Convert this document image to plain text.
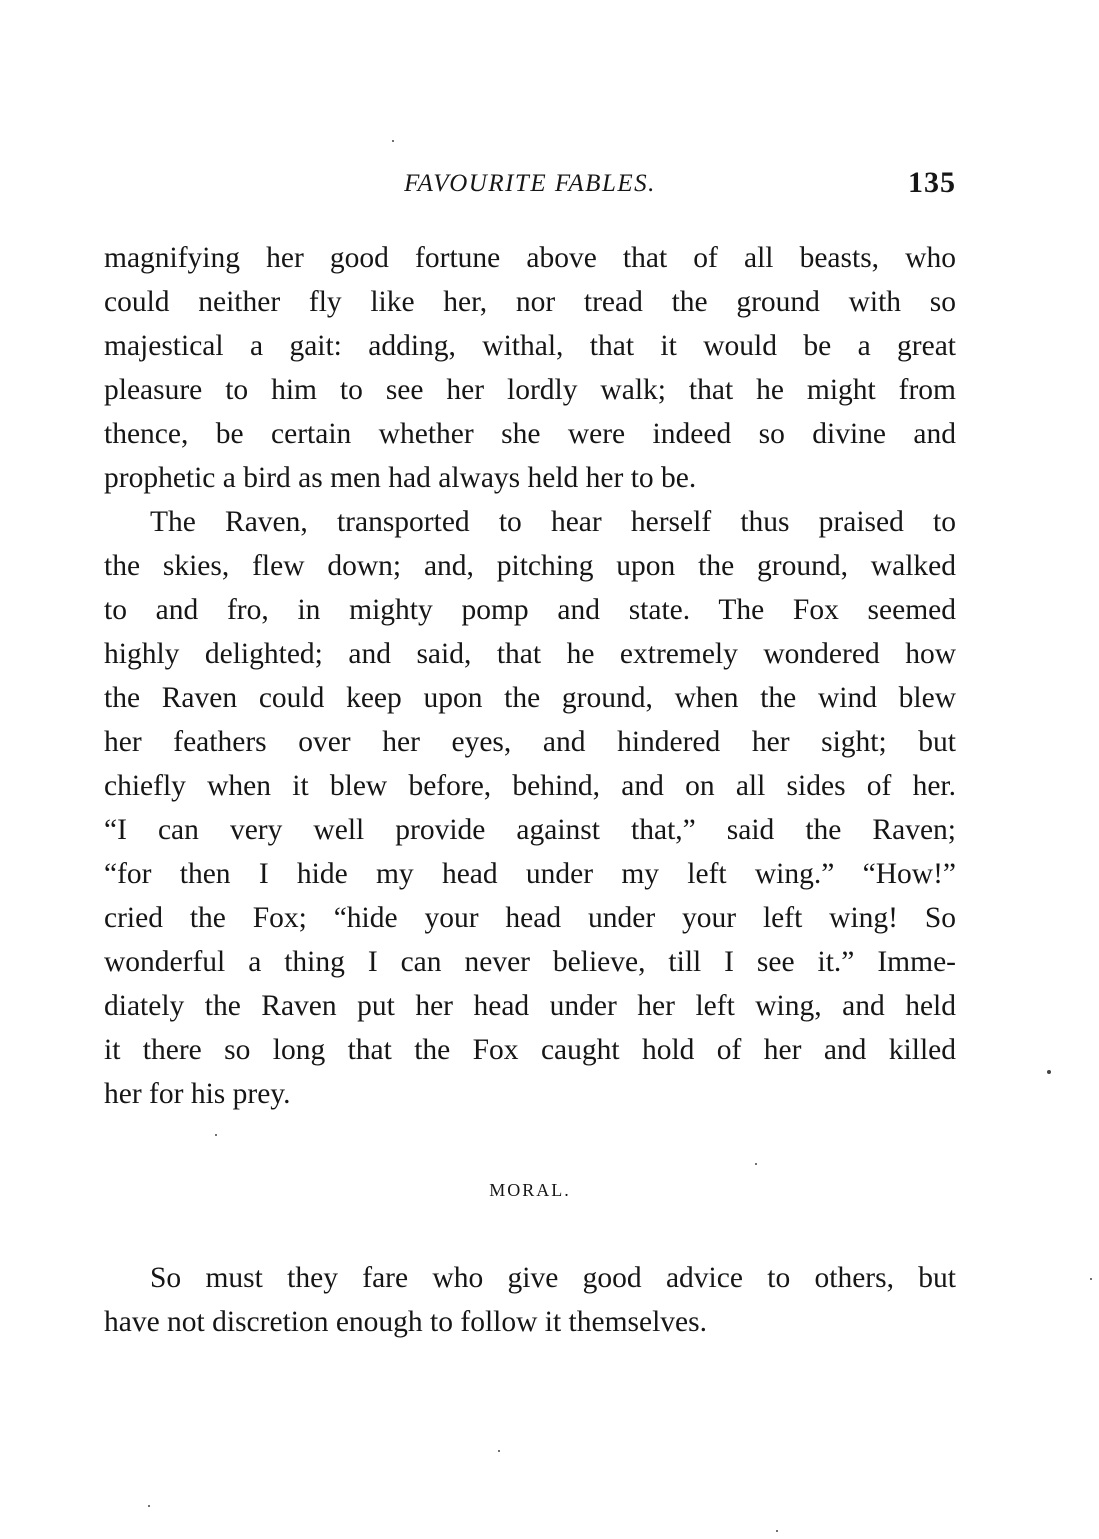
FAVOURITE FABLES.	135
magnifying her good fortune above that of all beasts, who
could neither fly like her, nor tread the ground with so
majestical a gait: adding, withal, that it would be a great
pleasure to him to see her lordly walk; that he might from
thence, be certain whether she were indeed so divine and
prophetic a bird as men had always held her to be.
The Raven, transported to hear herself thus praised to
the skies, flew down; and, pitching upon the ground, walked
to and fro, in mighty pomp and state. The Fox seemed
highly delighted; and said, that he extremely wondered how
the Raven could keep upon the ground, when the wind blew
her feathers over her eyes, and hindered her sight; but
chiefly when it blew before, behind, and on all sides of her.
“I can very well provide against that,” said the Raven;
“for then I hide my head under my left wing.” “How!”
cried the Fox; “hide your head under your left wing! So
wonderful a thing I can never believe, till I see it.” Imme-
diately the Raven put her head under her left wing, and held
it there so long that the Fox caught hold of her and killed
her for his prey.
MORAL.
So must they fare who give good advice to others, but
have not discretion enough to follow it themselves.
